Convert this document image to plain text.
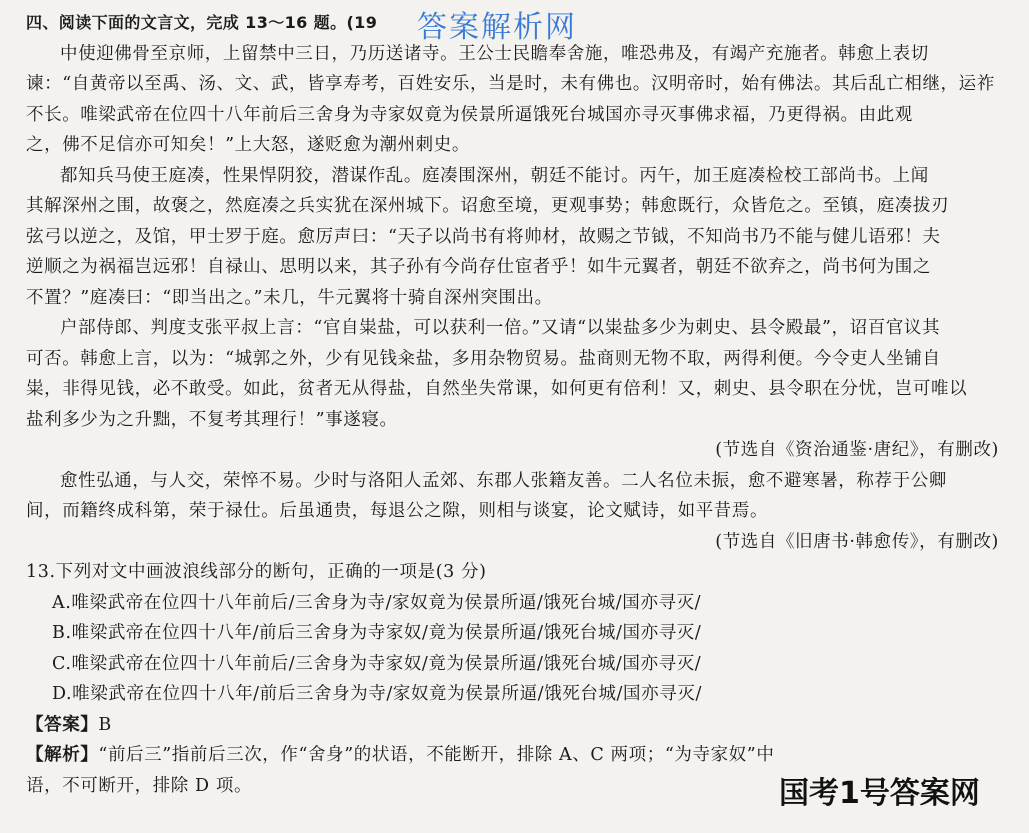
四、阅读下面的文言文，完成 13～16 题。(19
中使迎佛骨至京师，上留禁中三日，乃历送诸寺。王公士民瞻奉舍施，唯恐弗及，有竭产充施者。韩愈上表切
谏：“自黄帝以至禹、汤、文、武，皆享寿考，百姓安乐，当是时，未有佛也。汉明帝时，始有佛法。其后乱亡相继，运祚
不长。唯梁武帝在位四十八年前后三舍身为寺家奴竟为侯景所逼饿死台城国亦寻灭事佛求福，乃更得祸。由此观
之，佛不足信亦可知矣！”上大怒，遂贬愈为潮州刺史。
都知兵马使王庭凑，性果悍阴狡，潜谋作乱。庭凑围深州，朝廷不能讨。丙午，加王庭凑检校工部尚书。上闻
其解深州之围，故褒之，然庭凑之兵实犹在深州城下。诏愈至境，更观事势；韩愈既行，众皆危之。至镇，庭凑拔刃
弦弓以逆之，及馆，甲士罗于庭。愈厉声曰：“天子以尚书有将帅材，故赐之节钺，不知尚书乃不能与健儿语邪！夫
逆顺之为祸福岂远邪！自禄山、思明以来，其子孙有今尚存仕宦者乎！如牛元翼者，朝廷不欲弃之，尚书何为围之
不置？”庭凑曰：“即当出之。”未几，牛元翼将十骑自深州突围出。
户部侍郎、判度支张平叔上言：“官自粜盐，可以获利一倍。”又请“以粜盐多少为刺史、县令殿最”，诏百官议其
可否。韩愈上言，以为：“城郭之外，少有见钱籴盐，多用杂物贸易。盐商则无物不取，两得利便。今令吏人坐铺自
粜，非得见钱，必不敢受。如此，贫者无从得盐，自然坐失常课，如何更有倍利！又，刺史、县令职在分忧，岂可唯以
盐利多少为之升黜，不复考其理行！”事遂寝。
(节选自《资治通鉴·唐纪》，有删改)
愈性弘通，与人交，荣悴不易。少时与洛阳人孟郊、东郡人张籍友善。二人名位未振，愈不避寒暑，称荐于公卿
间，而籍终成科第，荣于禄仕。后虽通贵，每退公之隙，则相与谈宴，论文赋诗，如平昔焉。
(节选自《旧唐书·韩愈传》，有删改)
13.下列对文中画波浪线部分的断句，正确的一项是(3 分)
A.唯梁武帝在位四十八年前后/三舍身为寺/家奴竟为侯景所逼/饿死台城/国亦寻灭/
B.唯梁武帝在位四十八年/前后三舍身为寺家奴/竟为侯景所逼/饿死台城/国亦寻灭/
C.唯梁武帝在位四十八年前后/三舍身为寺家奴/竟为侯景所逼/饿死台城/国亦寻灭/
D.唯梁武帝在位四十八年/前后三舍身为寺/家奴竟为侯景所逼/饿死台城/国亦寻灭/
【答案】B
【解析】“前后三”指前后三次，作“舍身”的状语，不能断开，排除 A、C 两项；“为寺家奴”中
语，不可断开，排除 D 项。
答案解析网
国考1号答案网
